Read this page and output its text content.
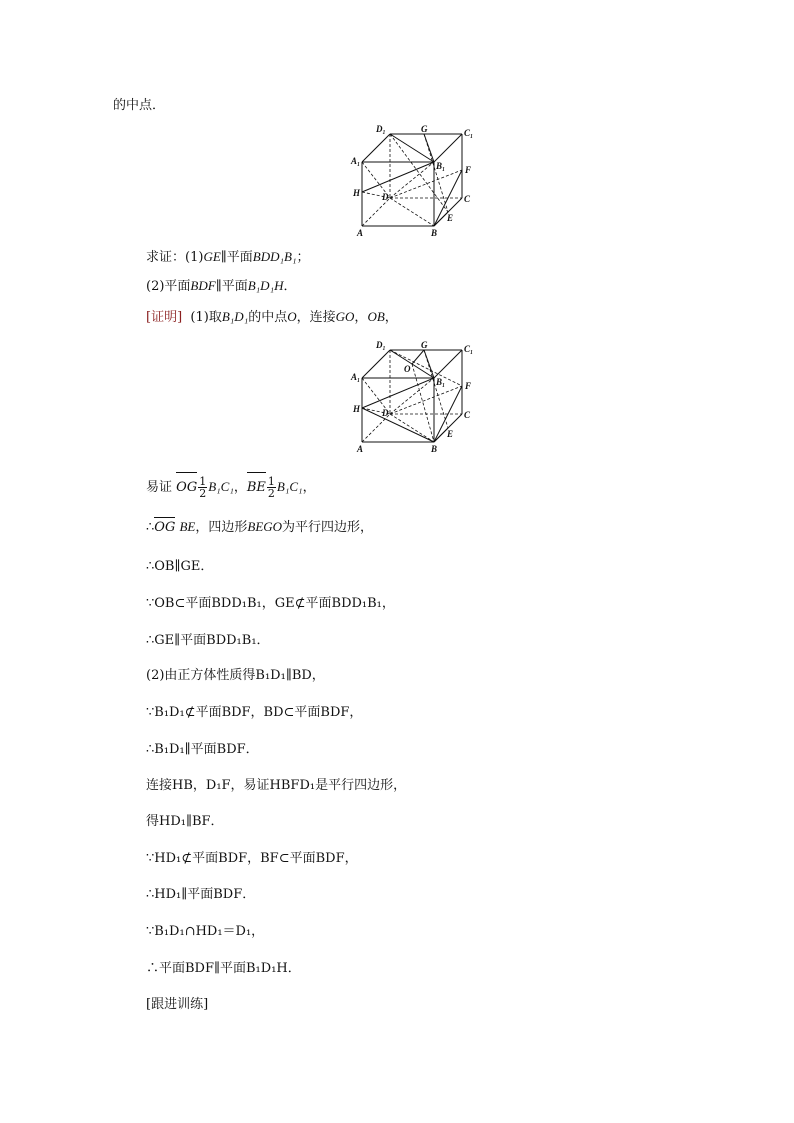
的中点．
D₁	G	C₁
A₁	B₁ F
H D	C
E
A	B
求证：(1)GE∥平面BDD₁B₁；
(2)平面BDF∥平面B₁D₁H．
[证明] (1)取B₁D₁的中点O，连接GO，OB，
D₁	G	C₁
O
A₁	B₁ F
H D	C
E
A	B
易证 OG $\frac{1}{2} B_1C_1$，BE $\frac{1}{2} B_1C_1$，
∴OG BE，四边形BEGO为平行四边形，
∴OB∥GE．
∵OB⊂平面BDD₁B₁，GE⊄平面BDD₁B₁，
∴GE∥平面BDD₁B₁．
(2)由正方体性质得B₁D₁∥BD，
∵B₁D₁⊄平面BDF，BD⊂平面BDF，
∴B₁D₁∥平面BDF．
连接HB，D₁F，易证HBFD₁是平行四边形，
得HD₁∥BF．
∵HD₁⊄平面BDF，BF⊂平面BDF，
∴HD₁∥平面BDF．
∵B₁D₁∩HD₁＝D₁，
∴平面BDF∥平面B₁D₁H．
[跟进训练]
